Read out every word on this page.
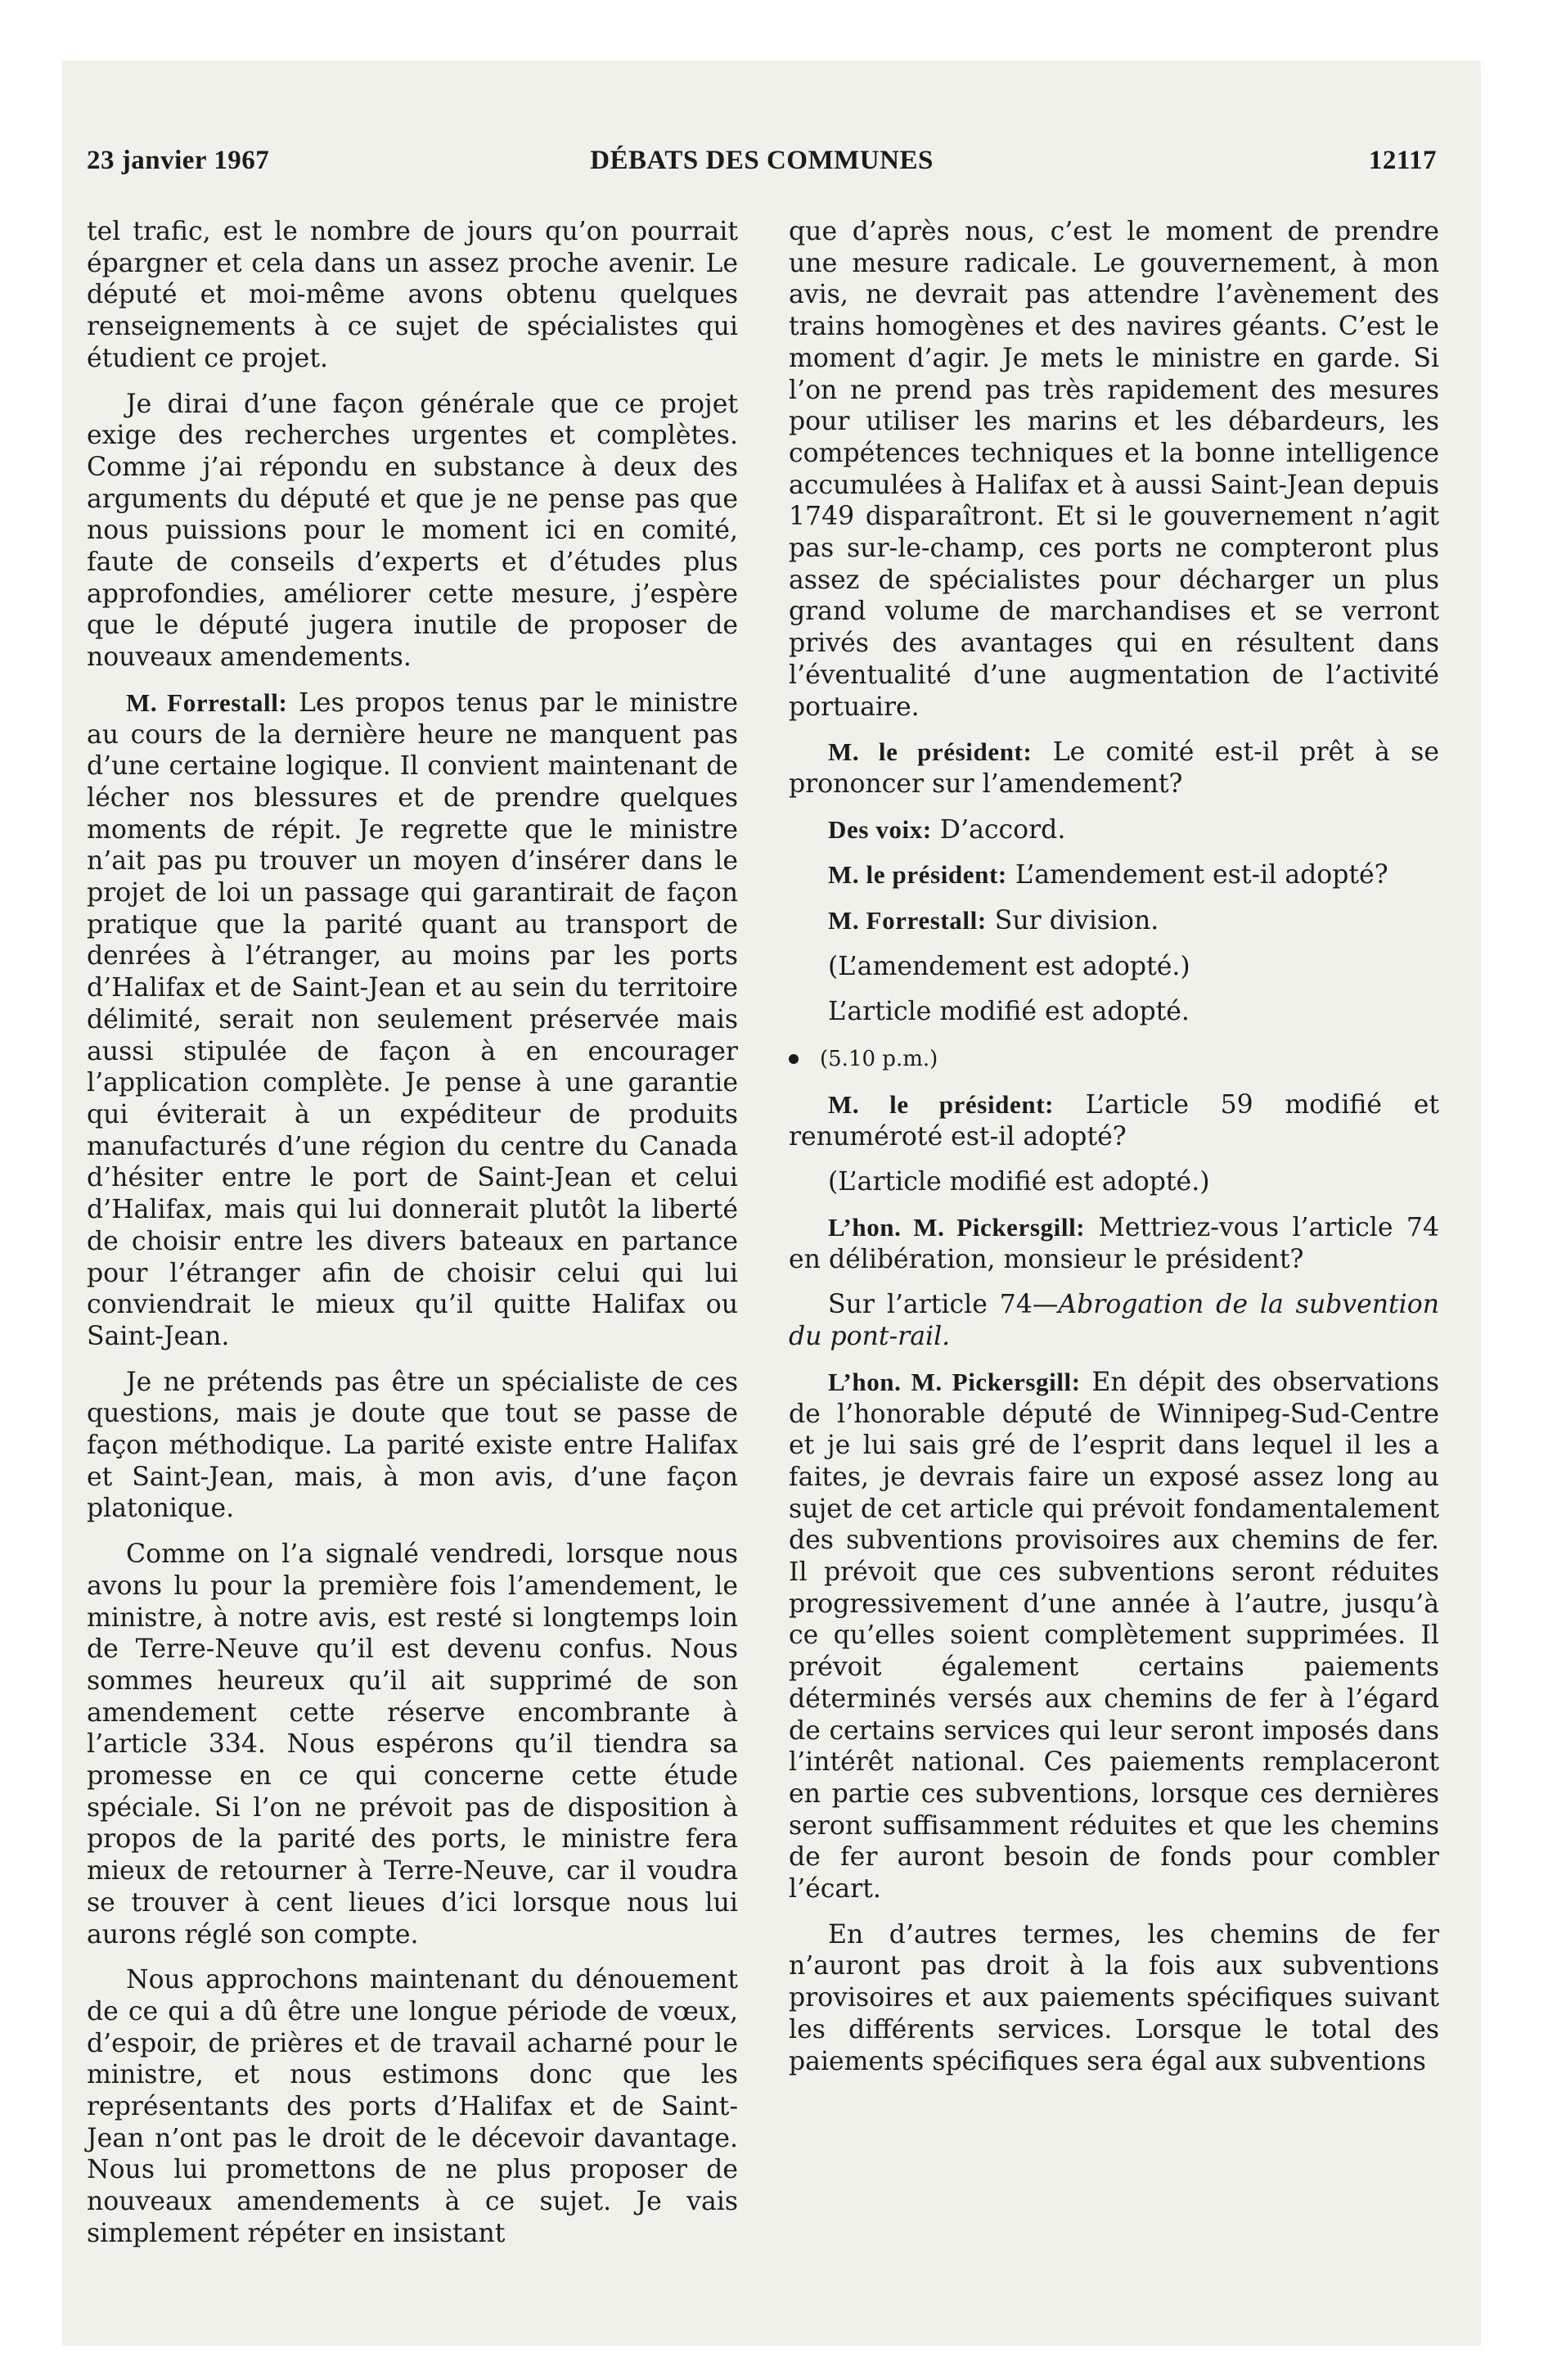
23 janvier 1967	DÉBATS DES COMMUNES	12117

tel trafic, est le nombre de jours qu’on pourrait épargner et cela dans un assez proche avenir. Le député et moi-même avons obtenu quelques renseignements à ce sujet de spécialistes qui étudient ce projet.

Je dirai d’une façon générale que ce projet exige des recherches urgentes et complètes. Comme j’ai répondu en substance à deux des arguments du député et que je ne pense pas que nous puissions pour le moment ici en comité, faute de conseils d’experts et d’études plus approfondies, améliorer cette mesure, j’espère que le député jugera inutile de proposer de nouveaux amendements.

M. Forrestall: Les propos tenus par le ministre au cours de la dernière heure ne manquent pas d’une certaine logique. Il convient maintenant de lécher nos blessures et de prendre quelques moments de répit. Je regrette que le ministre n’ait pas pu trouver un moyen d’insérer dans le projet de loi un passage qui garantirait de façon pratique que la parité quant au transport de denrées à l’étranger, au moins par les ports d’Halifax et de Saint-Jean et au sein du territoire délimité, serait non seulement préservée mais aussi stipulée de façon à en encourager l’application complète. Je pense à une garantie qui éviterait à un expéditeur de produits manufacturés d’une région du centre du Canada d’hésiter entre le port de Saint-Jean et celui d’Halifax, mais qui lui donnerait plutôt la liberté de choisir entre les divers bateaux en partance pour l’étranger afin de choisir celui qui lui conviendrait le mieux qu’il quitte Halifax ou Saint-Jean.

Je ne prétends pas être un spécialiste de ces questions, mais je doute que tout se passe de façon méthodique. La parité existe entre Halifax et Saint-Jean, mais, à mon avis, d’une façon platonique.

Comme on l’a signalé vendredi, lorsque nous avons lu pour la première fois l’amendement, le ministre, à notre avis, est resté si longtemps loin de Terre-Neuve qu’il est devenu confus. Nous sommes heureux qu’il ait supprimé de son amendement cette réserve encombrante à l’article 334. Nous espérons qu’il tiendra sa promesse en ce qui concerne cette étude spéciale. Si l’on ne prévoit pas de disposition à propos de la parité des ports, le ministre fera mieux de retourner à Terre-Neuve, car il voudra se trouver à cent lieues d’ici lorsque nous lui aurons réglé son compte.

Nous approchons maintenant du dénouement de ce qui a dû être une longue période de vœux, d’espoir, de prières et de travail acharné pour le ministre, et nous estimons donc que les représentants des ports d’Halifax et de Saint-Jean n’ont pas le droit de le décevoir davantage. Nous lui promettons de ne plus proposer de nouveaux amendements à ce sujet. Je vais simplement répéter en insistant

que d’après nous, c’est le moment de prendre une mesure radicale. Le gouvernement, à mon avis, ne devrait pas attendre l’avènement des trains homogènes et des navires géants. C’est le moment d’agir. Je mets le ministre en garde. Si l’on ne prend pas très rapidement des mesures pour utiliser les marins et les débardeurs, les compétences techniques et la bonne intelligence accumulées à Halifax et à aussi Saint-Jean depuis 1749 disparaîtront. Et si le gouvernement n’agit pas sur-le-champ, ces ports ne compteront plus assez de spécialistes pour décharger un plus grand volume de marchandises et se verront privés des avantages qui en résultent dans l’éventualité d’une augmentation de l’activité portuaire.

M. le président: Le comité est-il prêt à se prononcer sur l’amendement?

Des voix: D’accord.

M. le président: L’amendement est-il adopté?

M. Forrestall: Sur division.

(L’amendement est adopté.)

L’article modifié est adopté.

(5.10 p.m.)

M. le président: L’article 59 modifié et renuméroté est-il adopté?

(L’article modifié est adopté.)

L’hon. M. Pickersgill: Mettriez-vous l’article 74 en délibération, monsieur le président?

Sur l’article 74—Abrogation de la subvention du pont-rail.

L’hon. M. Pickersgill: En dépit des observations de l’honorable député de Winnipeg-Sud-Centre et je lui sais gré de l’esprit dans lequel il les a faites, je devrais faire un exposé assez long au sujet de cet article qui prévoit fondamentalement des subventions provisoires aux chemins de fer. Il prévoit que ces subventions seront réduites progressivement d’une année à l’autre, jusqu’à ce qu’elles soient complètement supprimées. Il prévoit également certains paiements déterminés versés aux chemins de fer à l’égard de certains services qui leur seront imposés dans l’intérêt national. Ces paiements remplaceront en partie ces subventions, lorsque ces dernières seront suffisamment réduites et que les chemins de fer auront besoin de fonds pour combler l’écart.

En d’autres termes, les chemins de fer n’auront pas droit à la fois aux subventions provisoires et aux paiements spécifiques suivant les différents services. Lorsque le total des paiements spécifiques sera égal aux subventions
